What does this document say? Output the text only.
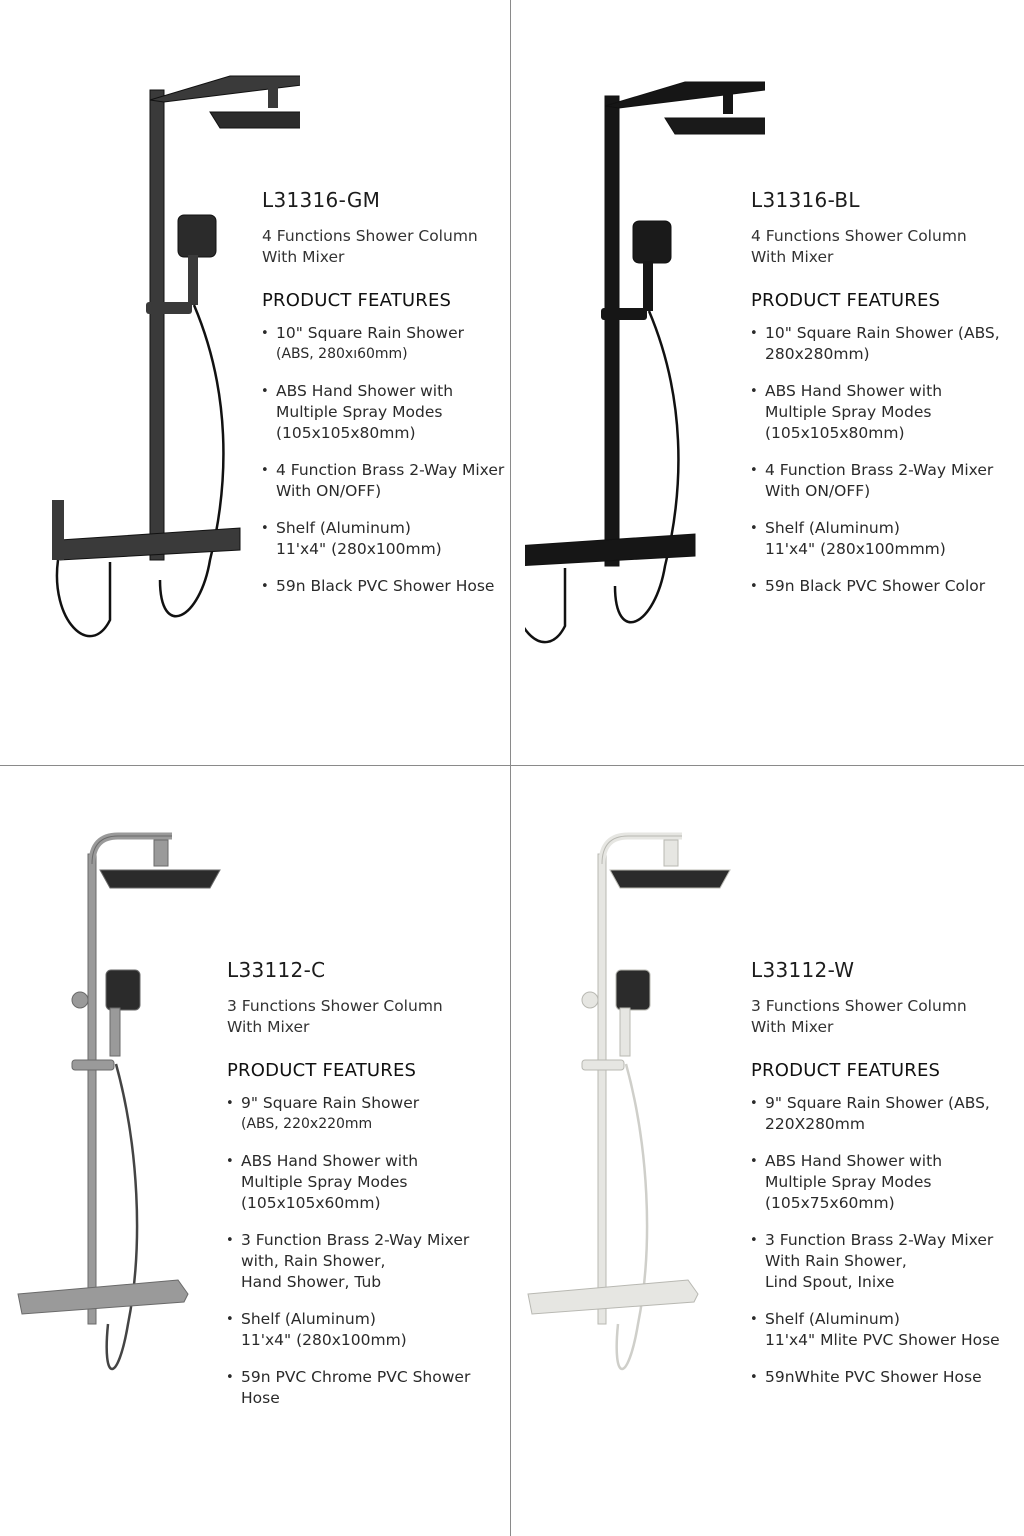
L31316-GM
4 Functions Shower Column
With Mixer
PRODUCT FEATURES
• 10" Square Rain Shower
(ABS, 280xı‌60mm)
• ABS Hand Shower with
Multiple Spray Modes
(105x105x80mm)
• 4 Function Brass 2-Way Mixer
With ON/OFF)
• Shelf (Aluminum)
11'x4" (280x100mm)
• 59n Black PVC Shower Hose
L31316-BL
4 Functions Shower Column
With Mixer
PRODUCT FEATURES
• 10" Square Rain Shower (ABS,
280x280mm)
• ABS Hand Shower with
Multiple Spray Modes
(105x105x80mm)
• 4 Function Brass 2-Way Mixer
With ON/OFF)
• Shelf (Aluminum)
11'x4" (280x100mmm)
• 59n Black PVC Shower Color
L33112-C
3 Functions Shower Column
With Mixer
PRODUCT FEATURES
• 9" Square Rain Shower
(ABS, 220x220mm
• ABS Hand Shower with
Multiple Spray Modes
(105x105x60mm)
• 3 Function Brass 2-Way Mixer
with, Rain Shower,
Hand Shower, Tub
• Shelf (Aluminum)
11'x4" (280x100mm)
• 59n PVC Chrome PVC Shower Hose
L33112-W
3 Functions Shower Column
With Mixer
PRODUCT FEATURES
• 9" Square Rain Shower (ABS,
220X280mm
• ABS Hand Shower with
Multiple Spray Modes
(105x75x60mm)
• 3 Function Brass 2-Way Mixer
With Rain Shower,
Lind Spout, Inixe
• Shelf (Aluminum)
11'x4" Mlite PVC Shower Hose
• 59nWhite PVC Shower Hose
